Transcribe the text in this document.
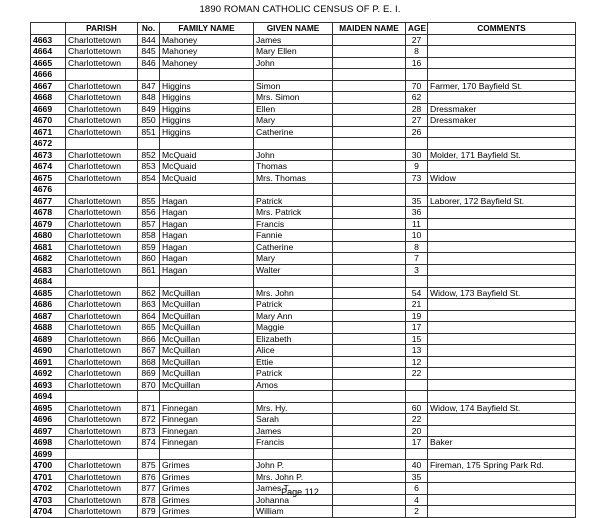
1890 ROMAN CATHOLIC CENSUS OF P. E. I.
	PARISH	No.	FAMILY NAME	GIVEN NAME	MAIDEN NAME	AGE	COMMENTS
4663	Charlottetown	844	Mahoney	James		27	
4664	Charlottetown	845	Mahoney	Mary Ellen		8	
4665	Charlottetown	846	Mahoney	John		16	
4666							
4667	Charlottetown	847	Higgins	Simon		70	Farmer, 170 Bayfield St.
4668	Charlottetown	848	Higgins	Mrs. Simon		62	
4669	Charlottetown	849	Higgins	Ellen		28	Dressmaker
4670	Charlottetown	850	Higgins	Mary		27	Dressmaker
4671	Charlottetown	851	Higgins	Catherine		26	
4672							
4673	Charlottetown	852	McQuaid	John		30	Molder, 171 Bayfield St.
4674	Charlottetown	853	McQuaid	Thomas		9	
4675	Charlottetown	854	McQuaid	Mrs. Thomas		73	Widow
4676							
4677	Charlottetown	855	Hagan	Patrick		35	Laborer, 172 Bayfield St.
4678	Charlottetown	856	Hagan	Mrs. Patrick		36	
4679	Charlottetown	857	Hagan	Francis		11	
4680	Charlottetown	858	Hagan	Fannie		10	
4681	Charlottetown	859	Hagan	Catherine		8	
4682	Charlottetown	860	Hagan	Mary		7	
4683	Charlottetown	861	Hagan	Walter		3	
4684							
4685	Charlottetown	862	McQuillan	Mrs. John		54	Widow, 173 Bayfield St.
4686	Charlottetown	863	McQuillan	Patrick		21	
4687	Charlottetown	864	McQuillan	Mary Ann		19	
4688	Charlottetown	865	McQuillan	Maggie		17	
4689	Charlottetown	866	McQuillan	Elizabeth		15	
4690	Charlottetown	867	McQuillan	Alice		13	
4691	Charlottetown	868	McQuillan	Ettie		12	
4692	Charlottetown	869	McQuillan	Patrick		22	
4693	Charlottetown	870	McQuillan	Amos			
4694							
4695	Charlottetown	871	Finnegan	Mrs. Hy.		60	Widow, 174 Bayfield St.
4696	Charlottetown	872	Finnegan	Sarah		22	
4697	Charlottetown	873	Finnegan	James		20	
4698	Charlottetown	874	Finnegan	Francis		17	Baker
4699							
4700	Charlottetown	875	Grimes	John P.		40	Fireman, 175 Spring Park Rd.
4701	Charlottetown	876	Grimes	Mrs. John P.		35	
4702	Charlottetown	877	Grimes	James T.		6	
4703	Charlottetown	878	Grimes	Johanna		4	
4704	Charlottetown	879	Grimes	William		2	
Page 112
